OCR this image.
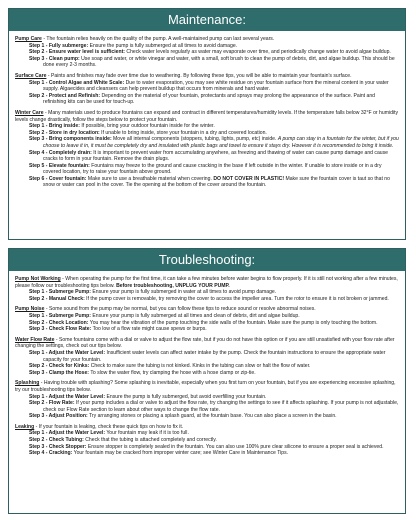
Maintenance:

Pump Care - The fountain relies heavily on the quality of the pump. A well-maintained pump can last several years.

Step 1 - Fully submerge: Ensure the pump is fully submerged at all times to avoid damage.

Step 2 - Ensure water level is sufficient: Check water levels regularly as water may evaporate over time, and periodically change water to avoid algae buildup.

Step 3 - Clean pump: Use soap and water, or white vinegar and water, with a small, soft brush to clean the pump of debris, dirt, and algae buildup. This should be done every 2-3 months.

Surface Care - Paints and finishes may fade over time due to weathering. By following these tips, you will be able to maintain your fountain's surface.

Step 1 - Control Algae and White Scale: Due to water evaporation, you may see white residue on your fountain surface from the mineral content in your water supply. Algaecides and cleansers can help prevent buildup that occurs from minerals and hard water.

Step 2 - Protect and Refinish: Depending on the material of your fountain, protectants and sprays may prolong the appearance of the surface. Paint and refinishing kits can be used for touch-up.

Winter Care - Many materials used to produce fountains can expand and contract in different temperatures/humidity levels. If the temperature falls below 32°F or humidity levels change drastically, follow the steps below to protect your fountain.

Step 1 - Bring inside: If possible, bring your outdoor fountain inside for the winter.

Step 2 - Store in dry location: If unable to bring inside, store your fountain in a dry and covered location.

Step 3 - Bring components inside: Move all internal components (stoppers, tubing, lights, pump, etc) inside. A pump can stay in a fountain for the winter, but if you choose to leave it in, it must be completely dry and insulated with plastic bags and towel to ensure it stays dry. However it is recommended to bring it inside.

Step 4 - Completely drain: It is important to prevent water from accumulating anywhere, as freezing and thawing of water can cause pump damage and cause cracks to form in your fountain. Remove the drain plugs.

Step 5 - Elevate fountain: Fountains may freeze to the ground and cause cracking in the base if left outside in the winter. If unable to store inside or in a dry covered location, try to raise your fountain above ground.

Step 6 - Cover fountain: Make sure to use a breathable material when covering. DO NOT COVER IN PLASTIC! Make sure the fountain cover is taut so that no snow or water can pool in the cover. Tie the opening at the bottom of the cover around the fountain.

Troubleshooting:

Pump Not Working - When operating the pump for the first time, it can take a few minutes before water begins to flow properly. If it is still not working after a few minutes, please follow our troubleshooting tips below. Before troubleshooting, UNPLUG YOUR PUMP.

Step 1 - Submerge Pump: Ensure your pump is fully submerged in water at all times to avoid pump damage.

Step 2 - Manual Check: If the pump cover is removable, try removing the cover to access the impeller area. Turn the rotor to ensure it is not broken or jammed.

Pump Noise - Some sound from the pump may be normal, but you can follow these tips to reduce sound or resolve abnormal noises.

Step 1 - Submerge Pump: Ensure your pump is fully submerged at all times and clean of debris, dirt and algae buildup.

Step 2 - Check Location: You may hear the vibration of the pump touching the side walls of the fountain. Make sure the pump is only touching the bottom.

Step 3 - Check Flow Rate: Too low of a flow rate might cause spews or burps.

Water Flow Rate - Some fountains come with a dial or valve to adjust the flow rate, but if you do not have this option or if you are still unsatisfied with your flow rate after changing the settings, check out our tips below.

Step 1 - Adjust the Water Level: Insufficient water levels can affect water intake by the pump. Check the fountain instructions to ensure the appropriate water capacity for your fountain.

Step 2 - Check for Kinks: Check to make sure the tubing is not kinked. Kinks in the tubing can slow or halt the flow of water.

Step 3 - Clamp the Hose: To slow the water flow, try clamping the hose with a hose clamp or zip-tie.

Splashing - Having trouble with splashing? Some splashing is inevitable, especially when you first turn on your fountain, but if you are experiencing excessive splashing, try our troubleshooting tips below.

Step 1 - Adjust the Water Level: Ensure the pump is fully submerged, but avoid overfilling your fountain.

Step 2 - Flow Rate: If your pump includes a dial or valve to adjust the flow rate, try changing the settings to see if it affects splashing. If your pump is not adjustable, check our Flow Rate section to learn about other ways to change the flow rate.

Step 3 - Adjust Position: Try arranging stones or placing a splash guard, at the fountain base. You can also place a screen in the basin.

Leaking - If your fountain is leaking, check these quick tips on how to fix it.

Step 1 - Adjust the Water Level: Your fountain may leak if it is too full.

Step 2 - Check Tubing: Check that the tubing is attached completely and correctly.

Step 3 - Check Stopper: Ensure stopper is completely sealed in the fountain. You can also use 100% pure clear silicone to ensure a proper seal is achieved.

Step 4 - Cracking: Your fountain may be cracked from improper winter care; see Winter Care in Maintenance Tips.
